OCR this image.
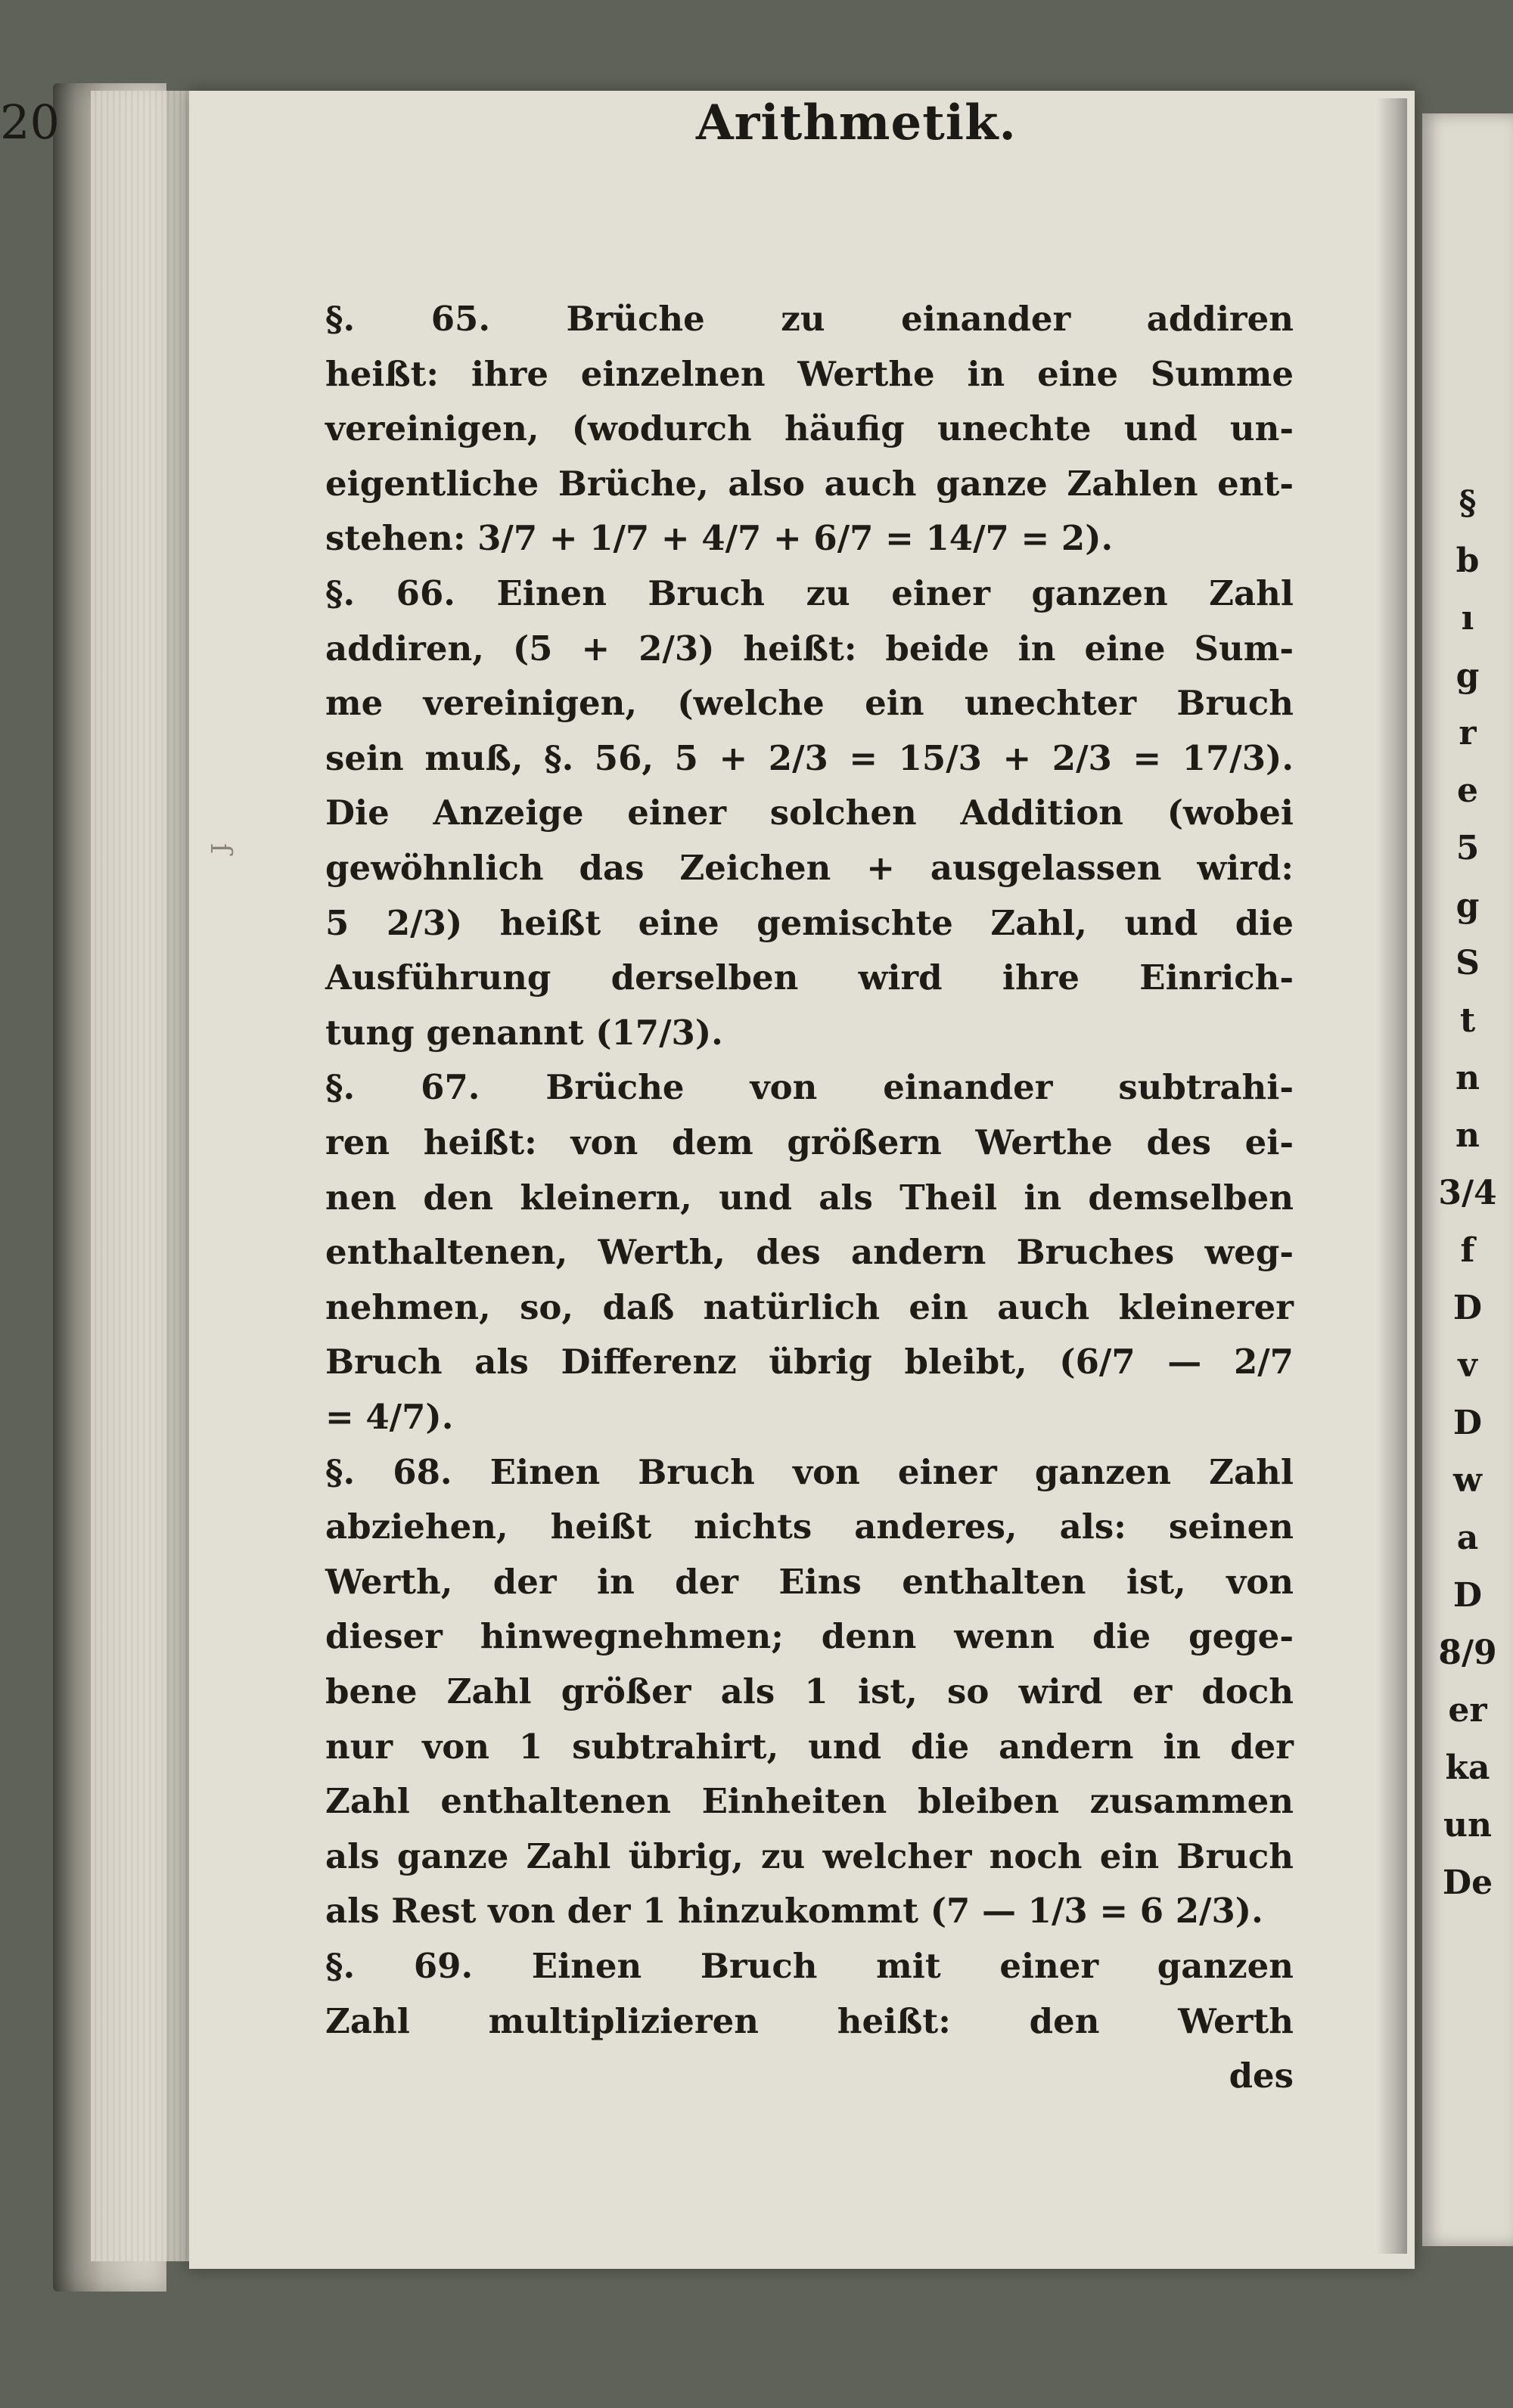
§
b
ı
g
r
e
5
g
S
t
n
n
3/4
f
D
v
D
w
a
D
8/9
er
ka
un
De
20	Arithmetik.
ſ
§. 65. Brüche zu einander addiren
heißt: ihre einzelnen Werthe in eine Summe
vereinigen, (wodurch häufig unechte und un-
eigentliche Brüche, also auch ganze Zahlen ent-
stehen: 3/7 + 1/7 + 4/7 + 6/7 = 14/7 = 2).
§. 66. Einen Bruch zu einer ganzen Zahl
addiren, (5 + 2/3) heißt: beide in eine Sum-
me vereinigen, (welche ein unechter Bruch
sein muß, §. 56, 5 + 2/3 = 15/3 + 2/3 = 17/3).
Die Anzeige einer solchen Addition (wobei
gewöhnlich das Zeichen + ausgelassen wird:
5 2/3) heißt eine gemischte Zahl, und die
Ausführung derselben wird ihre Einrich-
tung genannt (17/3).
§. 67. Brüche von einander subtrahi-
ren heißt: von dem größern Werthe des ei-
nen den kleinern, und als Theil in demselben
enthaltenen, Werth, des andern Bruches weg-
nehmen, so, daß natürlich ein auch kleinerer
Bruch als Differenz übrig bleibt, (6/7 — 2/7
= 4/7).
§. 68. Einen Bruch von einer ganzen Zahl
abziehen, heißt nichts anderes, als: seinen
Werth, der in der Eins enthalten ist, von
dieser hinwegnehmen; denn wenn die gege-
bene Zahl größer als 1 ist, so wird er doch
nur von 1 subtrahirt, und die andern in der
Zahl enthaltenen Einheiten bleiben zusammen
als ganze Zahl übrig, zu welcher noch ein Bruch
als Rest von der 1 hinzukommt (7 — 1/3 = 6 2/3).
§. 69. Einen Bruch mit einer ganzen
Zahl multiplizieren heißt: den Werth
des
